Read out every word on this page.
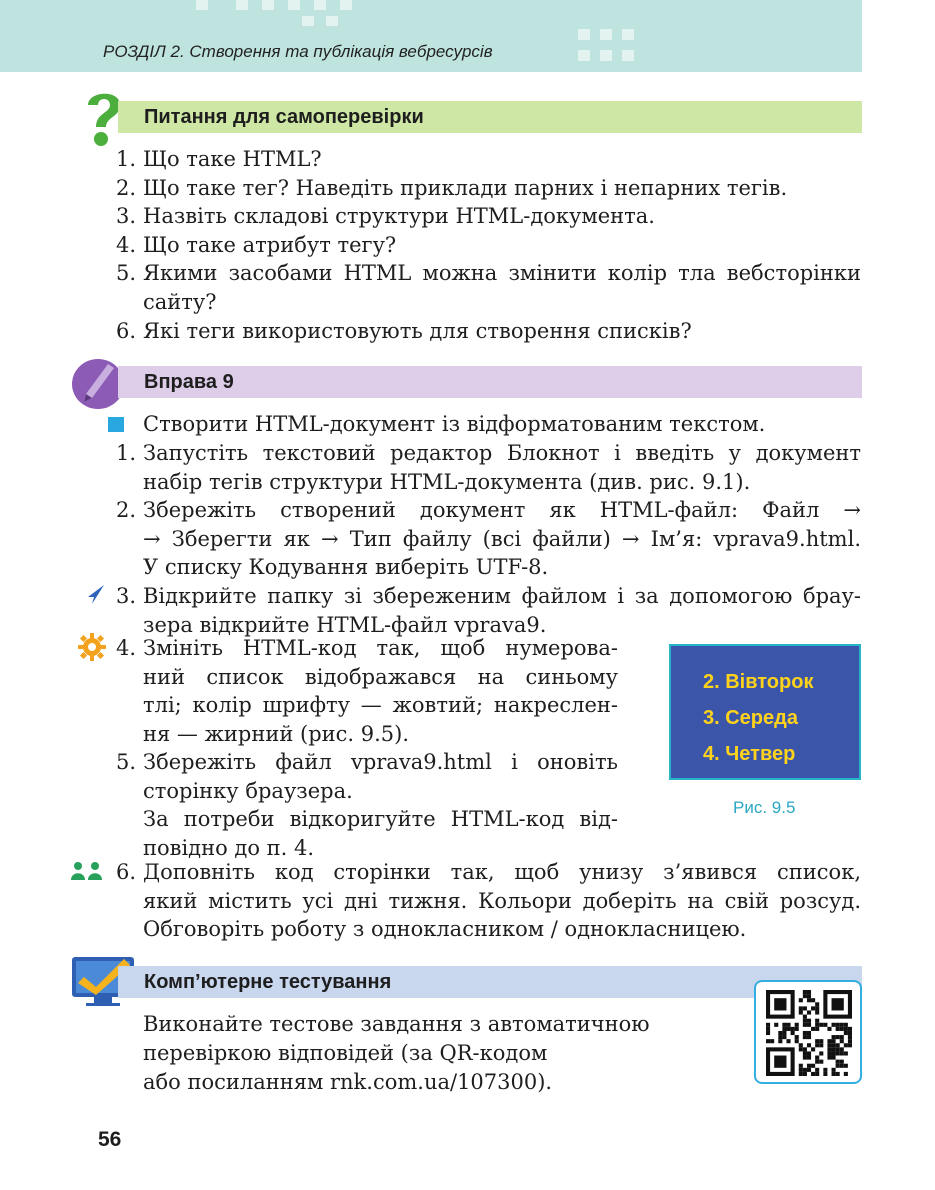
РОЗДІЛ 2. Створення та публікація вебресурсів
Питання для самоперевірки
1. Що таке HTML?
2. Що таке тег? Наведіть приклади парних і непарних тегів.
3. Назвіть складові структури HTML-документа.
4. Що таке атрибут тегу?
5. Якими засобами HTML можна змінити колір тла вебсторінки
сайту?
6. Які теги використовують для створення списків?
Вправа 9
Створити HTML-документ із відформатованим текстом.
1. Запустіть текстовий редактор Блокнот і введіть у документ
набір тегів структури HTML-документа (див. рис. 9.1).
2. Збережіть створений документ як HTML-файл: Файл →
→ Зберегти як → Тип файлу (всі файли) → Ім’я: vprava9.html.
У списку Кодування виберіть UTF-8.
3. Відкрийте папку зі збереженим файлом і за допомогою брау-
зера відкрийте HTML-файл vprava9.
4. Змініть HTML-код так, щоб нумерова-
ний список відображався на синьому
тлі; колір шрифту — жовтий; накреслен-
ня — жирний (рис. 9.5).
5. Збережіть файл vprava9.html і оновіть
сторінку браузера.
За потреби відкоригуйте HTML-код від-
повідно до п. 4.
6. Доповніть код сторінки так, щоб унизу з’явився список,
який містить усі дні тижня. Кольори доберіть на свій розсуд.
Обговоріть роботу з однокласником / однокласницею.
2. Вівторок
3. Середа
4. Четвер
Рис. 9.5
Комп’ютерне тестування
Виконайте тестове завдання з автоматичною
перевіркою відповідей (за QR-кодом
або посиланням rnk.com.ua/107300).
56
